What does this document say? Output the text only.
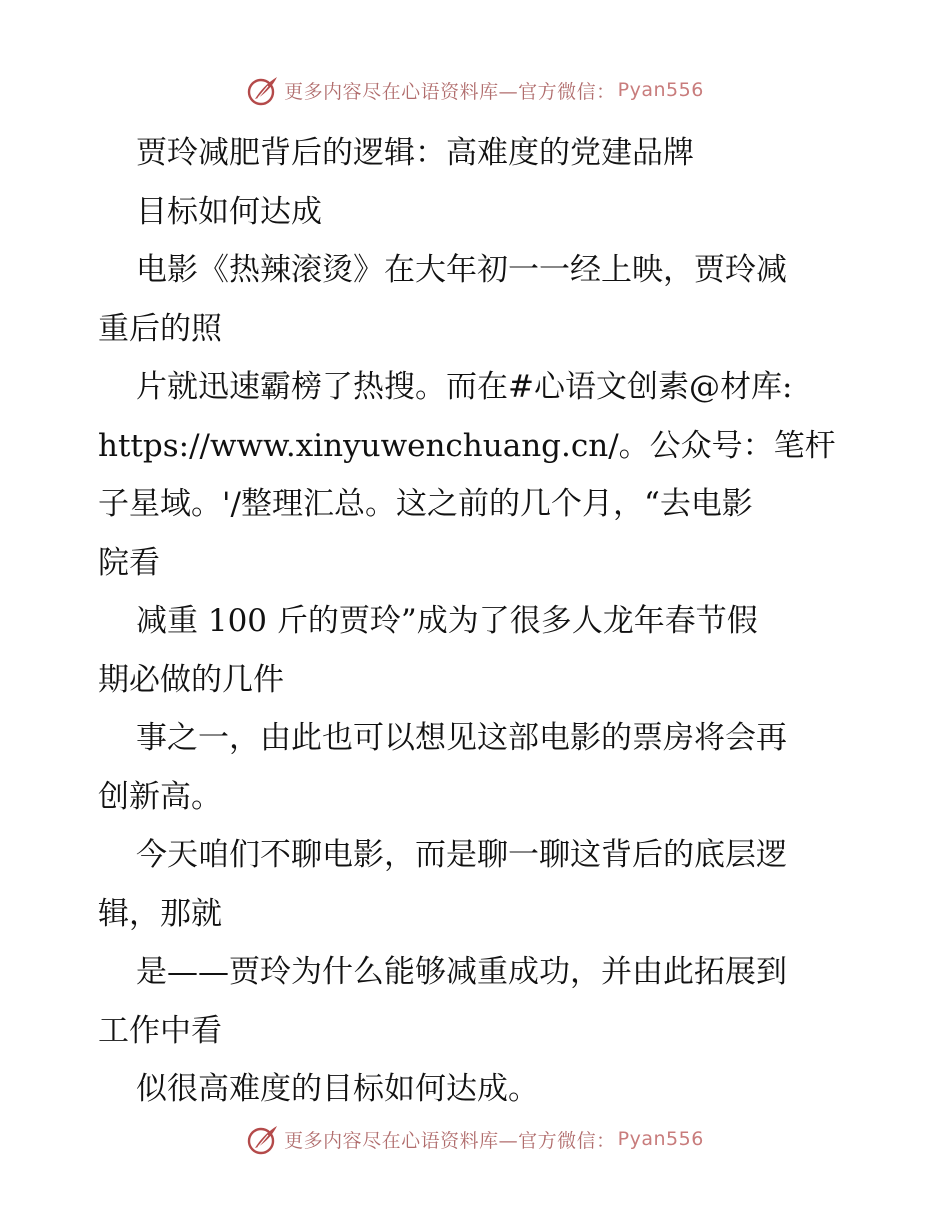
更多内容尽在心语资料库—官方微信： Pyan556
贾玲减肥背后的逻辑：高难度的党建品牌
目标如何达成
电影《热辣滚烫》在大年初一一经上映，贾玲减
重后的照
片就迅速霸榜了热搜。而在#心语文创素@材库:
https://www.xinyuwenchuang.cn/。公众号：笔杆
子星域。'/整理汇总。这之前的几个月，“去电影
院看
减重 100 斤的贾玲”成为了很多人龙年春节假
期必做的几件
事之一，由此也可以想见这部电影的票房将会再
创新高。
今天咱们不聊电影，而是聊一聊这背后的底层逻
辑，那就
是——贾玲为什么能够减重成功，并由此拓展到
工作中看
似很高难度的目标如何达成。
更多内容尽在心语资料库—官方微信： Pyan556
